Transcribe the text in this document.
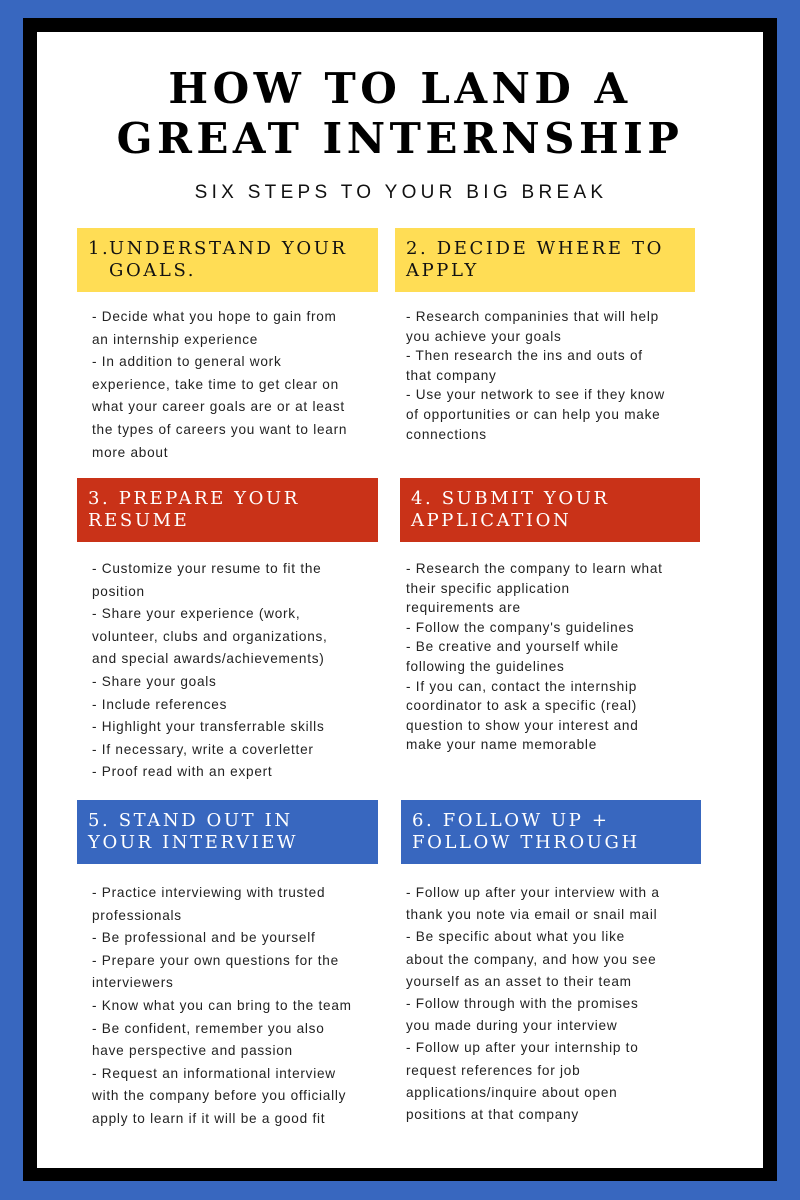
HOW TO LAND A
GREAT INTERNSHIP
SIX STEPS TO YOUR BIG BREAK
1.
UNDERSTAND YOUR
GOALS.
- Decide what you hope to gain from
an internship experience
- In addition to general work
experience, take time to get clear on
what your career goals are or at least
the types of careers you want to learn
more about
2. DECIDE WHERE TO
APPLY
- Research companinies that will help
you achieve your goals
- Then research the ins and outs of
that company
- Use your network to see if they know
of opportunities or can help you make
connections
3. PREPARE YOUR
RESUME
- Customize your resume to fit the
position
- Share your experience (work,
volunteer, clubs and organizations,
and special awards/achievements)
- Share your goals
- Include references
- Highlight your transferrable skills
- If necessary, write a coverletter
- Proof read with an expert
4. SUBMIT YOUR
APPLICATION
- Research the company to learn what
their specific application
requirements are
- Follow the company's guidelines
- Be creative and yourself while
following the guidelines
- If you can, contact the internship
coordinator to ask a specific (real)
question to show your interest and
make your name memorable
5. STAND OUT IN
YOUR INTERVIEW
- Practice interviewing with trusted
professionals
- Be professional and be yourself
- Prepare your own questions for the
interviewers
- Know what you can bring to the team
- Be confident, remember you also
have perspective and passion
- Request an informational interview
with the company before you officially
apply to learn if it will be a good fit
6. FOLLOW UP +
FOLLOW THROUGH
- Follow up after your interview with a
thank you note via email or snail mail
- Be specific about what you like
about the company, and how you see
yourself as an asset to their team
- Follow through with the promises
you made during your interview
- Follow up after your internship to
request references for job
applications/inquire about open
positions at that company
